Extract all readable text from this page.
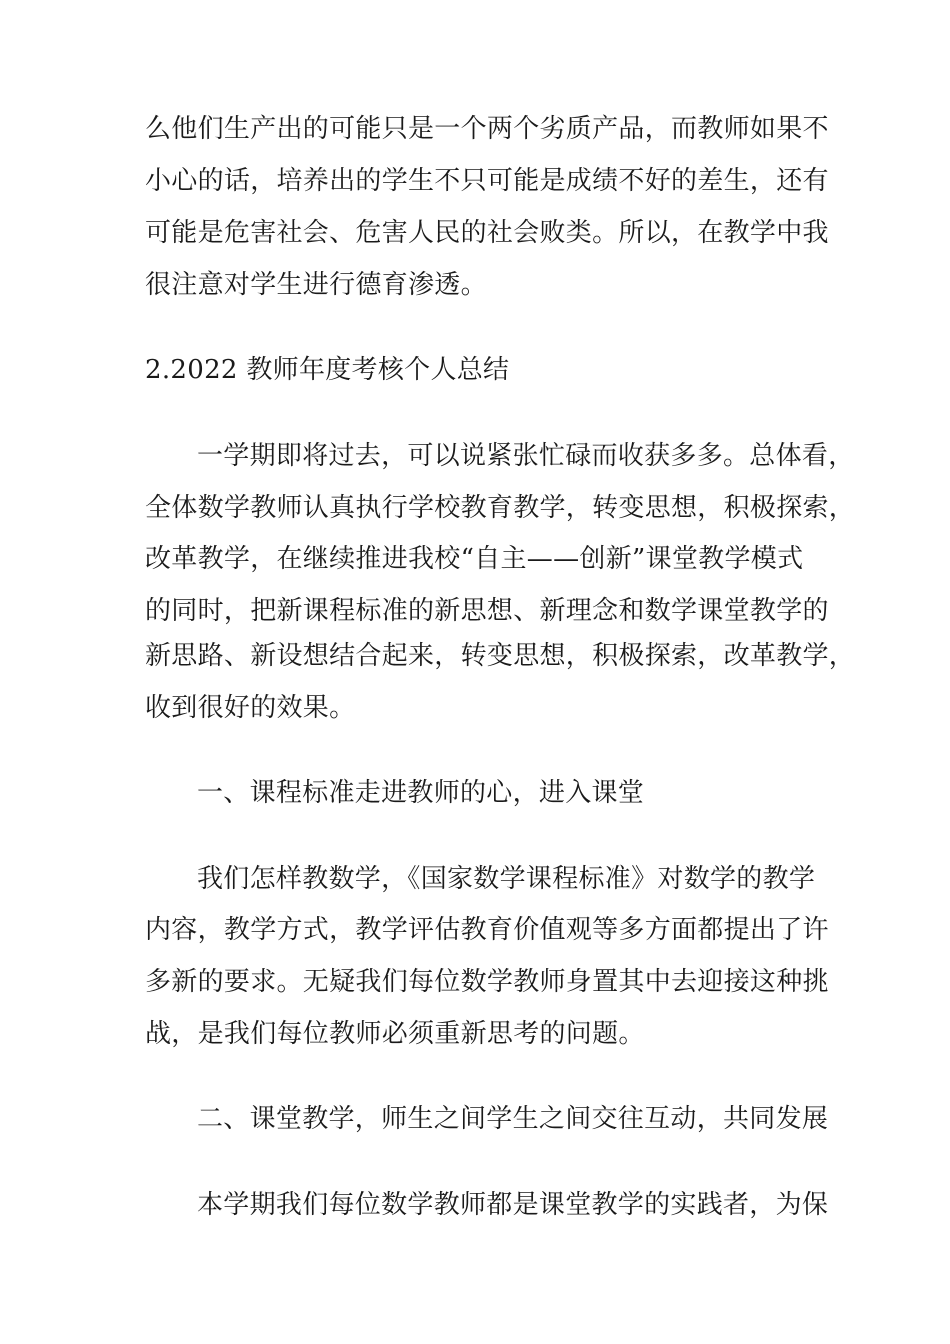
么他们生产出的可能只是一个两个劣质产品，而教师如果不
小心的话，培养出的学生不只可能是成绩不好的差生，还有
可能是危害社会、危害人民的社会败类。所以，在教学中我
很注意对学生进行德育渗透。
2.2022 教师年度考核个人总结
一学期即将过去，可以说紧张忙碌而收获多多。总体看，
全体数学教师认真执行学校教育教学，转变思想，积极探索，
改革教学，在继续推进我校“自主——创新”课堂教学模式
的同时，把新课程标准的新思想、新理念和数学课堂教学的
新思路、新设想结合起来，转变思想，积极探索，改革教学，
收到很好的效果。
一、课程标准走进教师的心，进入课堂
我们怎样教数学，《国家数学课程标准》对数学的教学
内容，教学方式，教学评估教育价值观等多方面都提出了许
多新的要求。无疑我们每位数学教师身置其中去迎接这种挑
战，是我们每位教师必须重新思考的问题。
二、课堂教学，师生之间学生之间交往互动，共同发展
本学期我们每位数学教师都是课堂教学的实践者，为保
